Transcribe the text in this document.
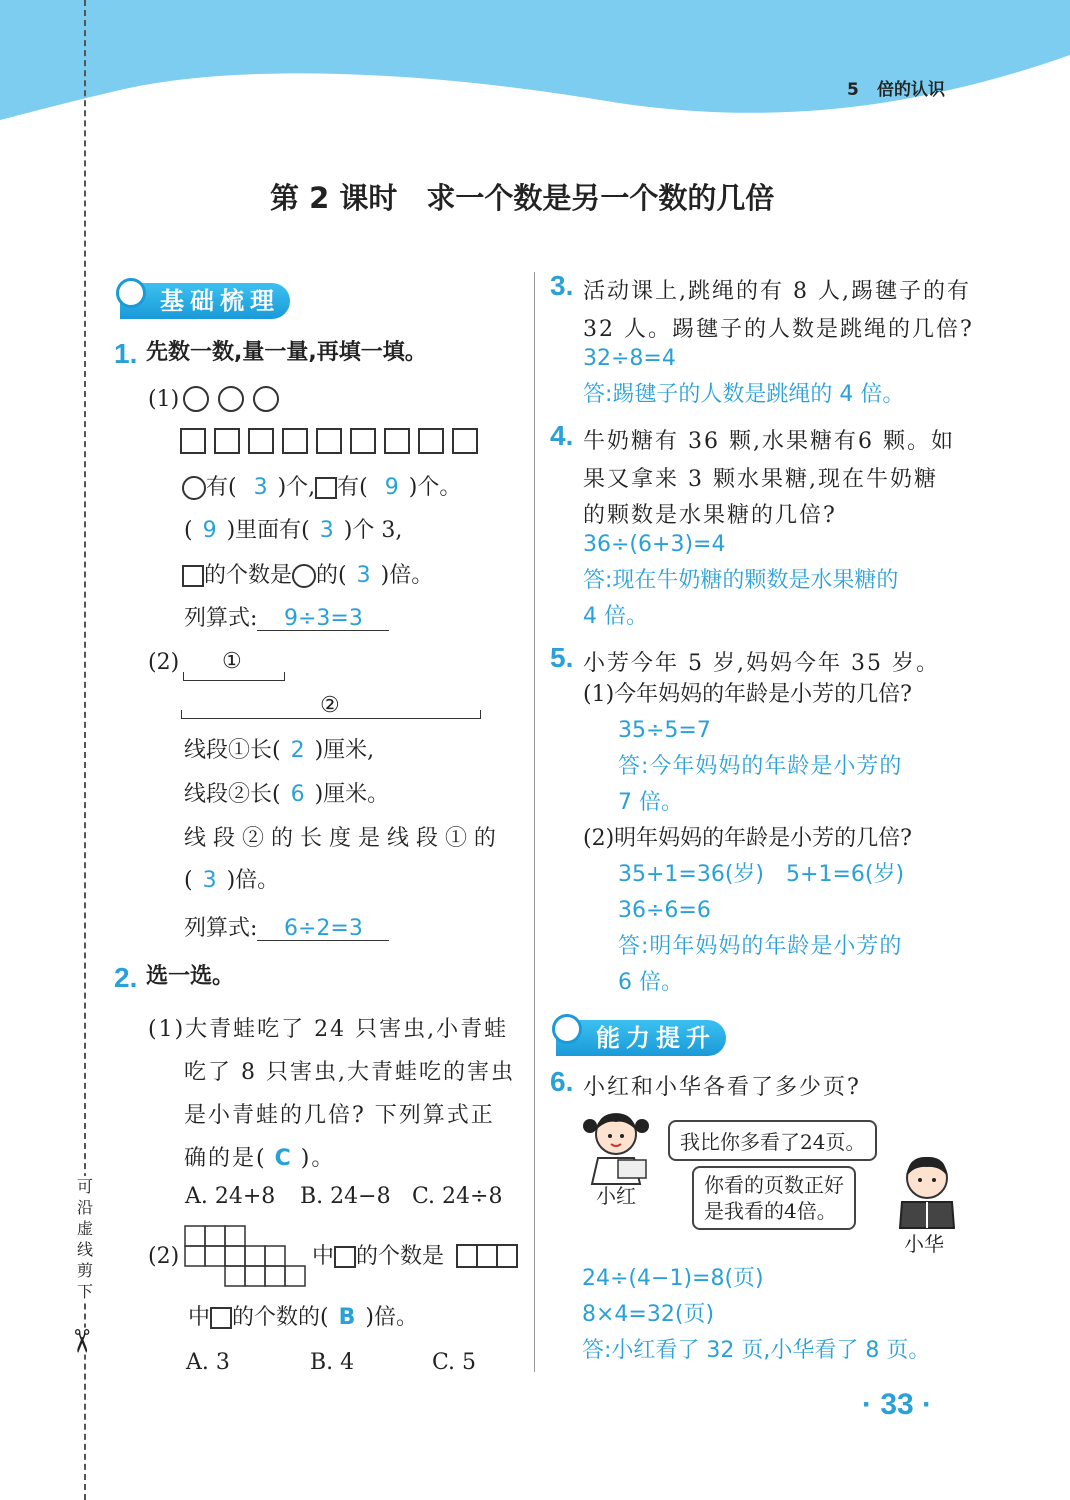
5 倍的认识
可
沿
虚
线
剪
下
✂
第 2 课时　求一个数是另一个数的几倍
基础梳理
1. 先数一数,量一量,再填一填。
(1)

有( 3 )个, 有( 9 )个。
( 9 )里面有( 3 )个 3,
的个数是 的( 3 )倍。
列算式: 9÷3=3
(2) ①
②
线段①长( 2 )厘米,
线段②长( 6 )厘米。
线 段 ② 的 长 度 是 线 段 ① 的
( 3 )倍。
列算式: 6÷2=3
2. 选一选。
(1)大青蛙吃了 24 只害虫,小青蛙
吃了 8 只害虫,大青蛙吃的害虫
是小青蛙的几倍? 下列算式正
确的是( C )。
A. 24+8 B. 24−8 C. 24÷8
(2)	中 的个数是
中 的个数的( B )倍。
A. 3	B. 4	C. 5
3. 活动课上,跳绳的有 8 人,踢毽子的有
32 人。踢毽子的人数是跳绳的几倍?
32÷8=4
答:踢毽子的人数是跳绳的 4 倍。
4. 牛奶糖有 36 颗,水果糖有6 颗。如
果又拿来 3 颗水果糖,现在牛奶糖
的颗数是水果糖的几倍?
36÷(6+3)=4
答:现在牛奶糖的颗数是水果糖的
4 倍。
5. 小芳今年 5 岁,妈妈今年 35 岁。
(1)今年妈妈的年龄是小芳的几倍?
35÷5=7
答:今年妈妈的年龄是小芳的
7 倍。
(2)明年妈妈的年龄是小芳的几倍?
35+1=36(岁)　5+1=6(岁)
36÷6=6
答:明年妈妈的年龄是小芳的
6 倍。
能力提升
6. 小红和小华各看了多少页?
小红
我比你多看了24页。
你看的页数正好
是我看的4倍。
小华
24÷(4−1)=8(页)
8×4=32(页)
答:小红看了 32 页,小华看了 8 页。
· 33 ·
